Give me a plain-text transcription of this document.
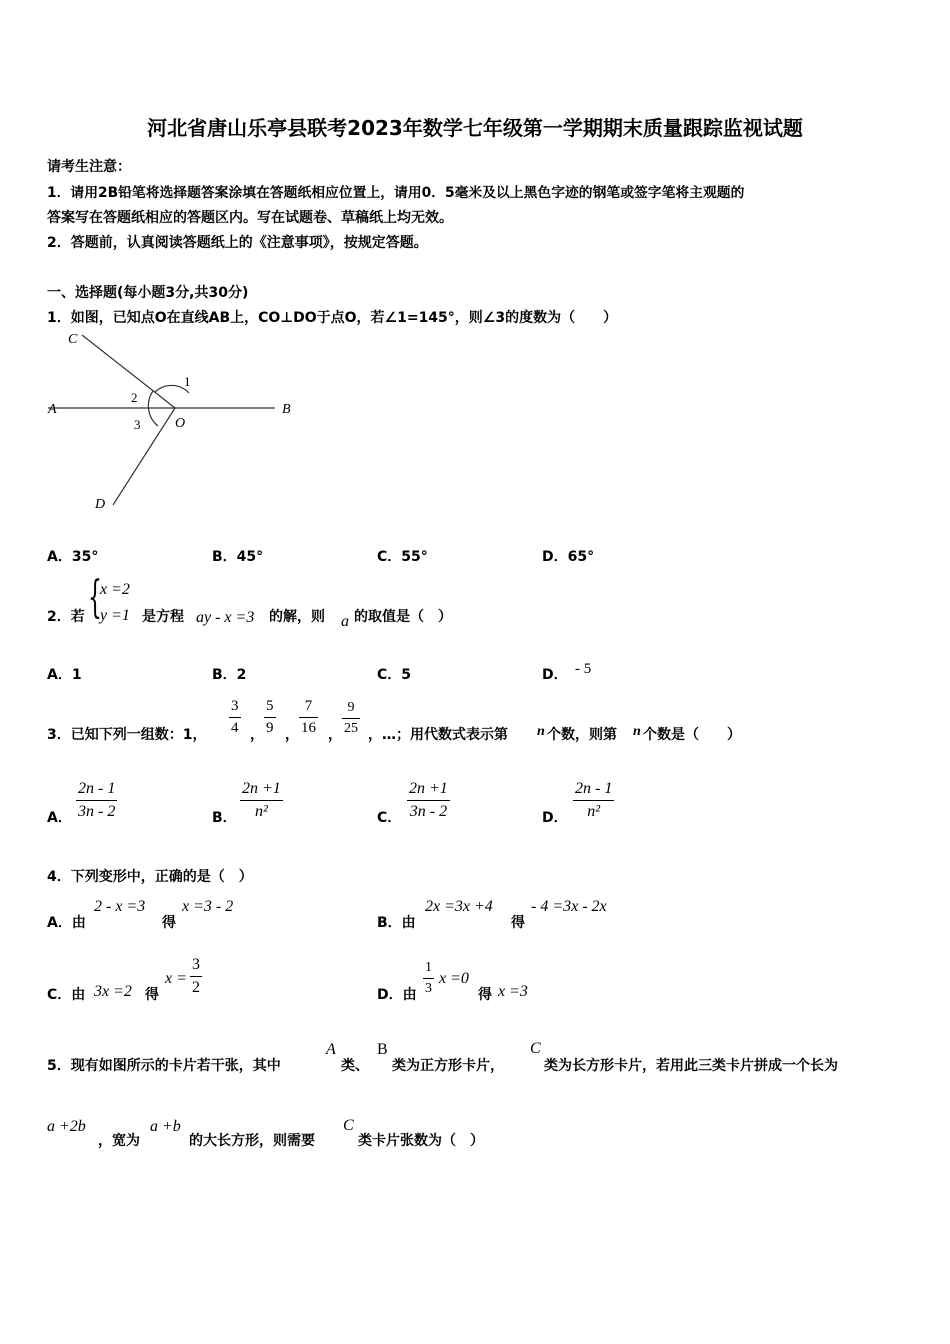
河北省唐山乐亭县联考2023年数学七年级第一学期期末质量跟踪监视试题
请考生注意：
1．请用2B铅笔将选择题答案涂填在答题纸相应位置上，请用0．5毫米及以上黑色字迹的钢笔或签字笔将主观题的
答案写在答题纸相应的答题区内。写在试题卷、草稿纸上均无效。
2．答题前，认真阅读答题纸上的《注意事项》，按规定答题。
一、选择题(每小题3分,共30分)
1．如图，已知点O在直线AB上，CO⊥DO于点O，若∠1=145°，则∠3的度数为（　　）
C
A	B
D
O
1
2
3
A．35°	B．45°	C．55°	D．65°
2．若 {
x =2
y =1 是方程 ay - x =3 的解，则 a 的取值是（　）
A．1	B．2	C．5	D． - 5
3．已知下列一组数：1，
3
4 ，
5
9 ，
7
16 ，
9
25 ，…；用代数式表示第 n 个数，则第 n 个数是（　　）
A．
2n - 1
3n - 2	B．
2n +1
n²	C．
2n +1
3n - 2	D．
2n - 1
n²
4．下列变形中，正确的是（　）
A．由
2 - x =3
得
x =3 - 2
B．由
2x =3x +4
得
- 4 =3x - 2x
C．由 3x =2 得
x =
3
2	D．由
1
3
x =0
得 x =3
5．现有如图所示的卡片若干张，其中
A
类、
B
类为正方形卡片，
C
类为长方形卡片，若用此三类卡片拼成一个长为
a +2b
，宽为
a +b
的大长方形，则需要
C
类卡片张数为（　）
